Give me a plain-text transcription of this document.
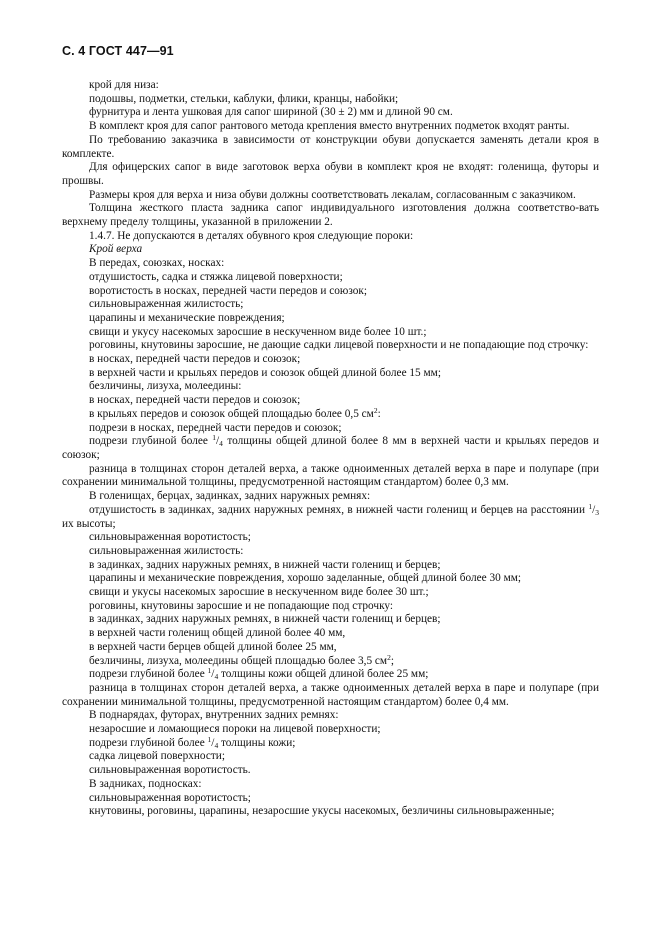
С. 4 ГОСТ 447—91

крой для низа:

подошвы, подметки, стельки, каблуки, флики, кранцы, набойки;

фурнитура и лента ушковая для сапог шириной (30 ± 2) мм и длиной 90 см.

В комплект кроя для сапог рантового метода крепления вместо внутренних подметок входят ранты.

По требованию заказчика в зависимости от конструкции обуви допускается заменять детали кроя в комплекте.

Для офицерских сапог в виде заготовок верха обуви в комплект кроя не входят: голенища, футоры и прошвы.

Размеры кроя для верха и низа обуви должны соответствовать лекалам, согласованным с заказчиком.

Толщина жесткого пласта задника сапог индивидуального изготовления должна соответство-вать верхнему пределу толщины, указанной в приложении 2.

1.4.7. Не допускаются в деталях обувного кроя следующие пороки:

Крой верха

В передах, союзках, носках:

отдушистость, садка и стяжка лицевой поверхности;

воротистость в носках, передней части передов и союзок;

сильновыраженная жилистость;

царапины и механические повреждения;

свищи и укусу насекомых заросшие в нескученном виде более 10 шт.;

роговины, кнутовины заросшие, не дающие садки лицевой поверхности и не попадающие под строчку:

в носках, передней части передов и союзок;

в верхней части и крыльях передов и союзок общей длиной более 15 мм;

безличины, лизуха, молеедины:

в носках, передней части передов и союзок;

в крыльях передов и союзок общей площадью более 0,5 $см^2$:

подрези в носках, передней части передов и союзок;

подрези глубиной более $^1/_4$ толщины общей длиной более 8 мм в верхней части и крыльях передов и союзок;

разница в толщинах сторон деталей верха, а также одноименных деталей верха в паре и полупаре (при сохранении минимальной толщины, предусмотренной настоящим стандартом) более 0,3 мм.

В голенищах, берцах, задинках, задних наружных ремнях:

отдушистость в задинках, задних наружных ремнях, в нижней части голенищ и берцев на расстоянии $^1/_3$ их высоты;

сильновыраженная воротистость;

сильновыраженная жилистость:

в задинках, задних наружных ремнях, в нижней части голенищ и берцев;

царапины и механические повреждения, хорошо заделанные, общей длиной более 30 мм;

свищи и укусы насекомых заросшие в нескученном виде более 30 шт.;

роговины, кнутовины заросшие и не попадающие под строчку:

в задинках, задних наружных ремнях, в нижней части голенищ и берцев;

в верхней части голенищ общей длиной более 40 мм,

в верхней части берцев общей длиной более 25 мм,

безличины, лизуха, молеедины общей площадью более 3,5 $см^2$;

подрези глубиной более $^1/_4$ толщины кожи общей длиной более 25 мм;

разница в толщинах сторон деталей верха, а также одноименных деталей верха в паре и полупаре (при сохранении минимальной толщины, предусмотренной настоящим стандартом) более 0,4 мм.

В поднарядах, футорах, внутренних задних ремнях:

незаросшие и ломающиеся пороки на лицевой поверхности;

подрези глубиной более $^1/_4$ толщины кожи;

садка лицевой поверхности;

сильновыраженная воротистость.

В задниках, подносках:

сильновыраженная воротистость;

кнутовины, роговины, царапины, незаросшие укусы насекомых, безличины сильновыраженные;
